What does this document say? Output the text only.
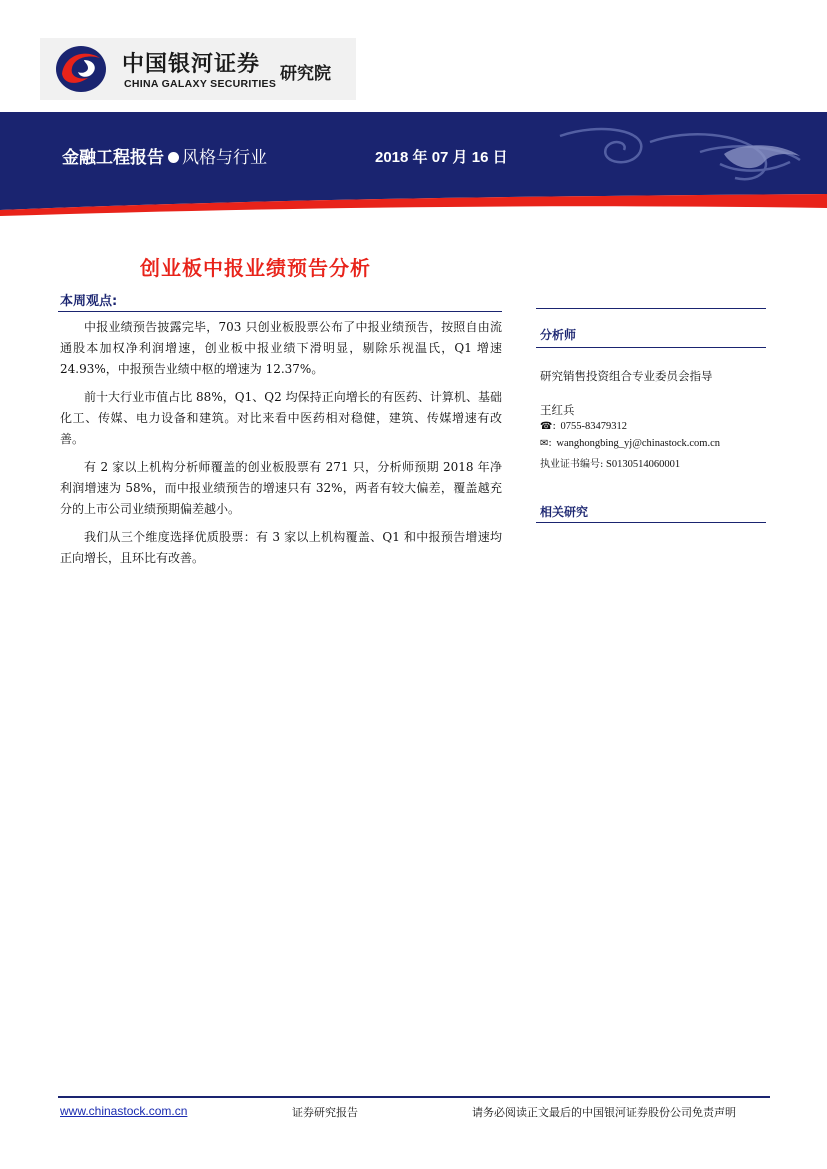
中国银河证券
CHINA GALAXY SECURITIES 研究院
金融工程报告 风格与行业	2018 年 07 月 16 日
创业板中报业绩预告分析
本周观点:

中报业绩预告披露完毕，703 只创业板股票公布了中报业绩预告，按照自由流通股本加权净利润增速，创业板中报业绩下滑明显，剔除乐视温氏，Q1 增速 24.93%，中报预告业绩中枢的增速为 12.37%。

前十大行业市值占比 88%，Q1、Q2 均保持正向增长的有医药、计算机、基础化工、传媒、电力设备和建筑。对比来看中医药相对稳健，建筑、传媒增速有改善。

有 2 家以上机构分析师覆盖的创业板股票有 271 只，分析师预期 2018 年净利润增速为 58%，而中报业绩预告的增速只有 32%，两者有较大偏差，覆盖越充分的上市公司业绩预期偏差越小。

我们从三个维度选择优质股票：有 3 家以上机构覆盖、Q1 和中报预告增速均正向增长，且环比有改善。

分析师
研究销售投资组合专业委员会指导
王红兵
☎: 0755-83479312
✉: wanghongbing_yj@chinastock.com.cn
执业证书编号: S0130514060001
相关研究
www.chinastock.com.cn	证券研究报告	请务必阅读正文最后的中国银河证券股份公司免责声明
